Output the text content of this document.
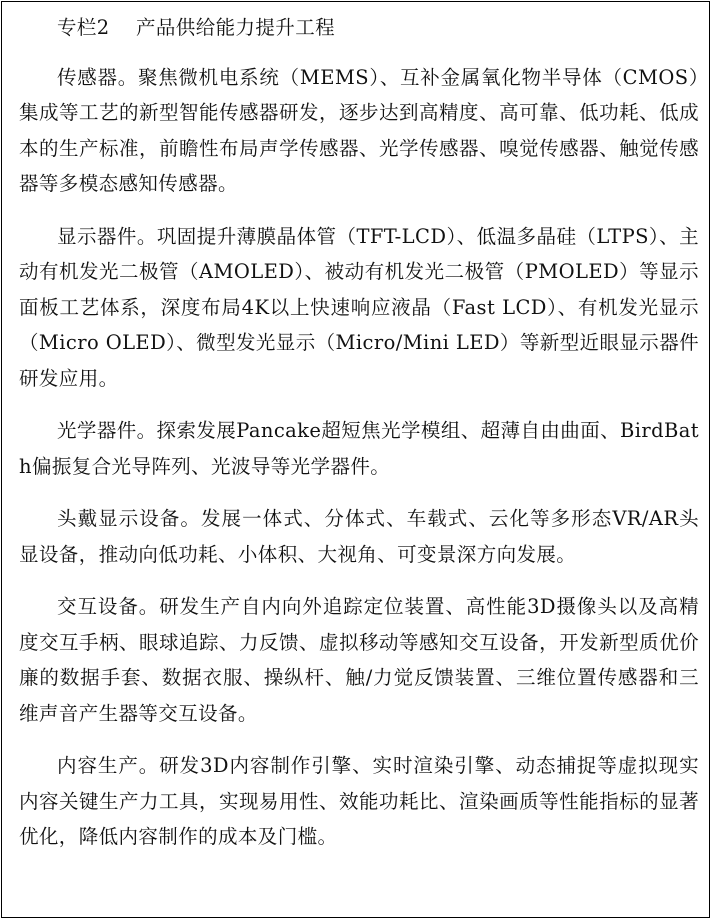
专栏2    产品供给能力提升工程

传感器。聚焦微机电系统（MEMS）、互补金属氧化物半导体（CMOS）集成等工艺的新型智能传感器研发，逐步达到高精度、高可靠、低功耗、低成本的生产标准，前瞻性布局声学传感器、光学传感器、嗅觉传感器、触觉传感器等多模态感知传感器。

显示器件。巩固提升薄膜晶体管（TFT-LCD）、低温多晶硅（LTPS）、主动有机发光二极管（AMOLED）、被动有机发光二极管（PMOLED）等显示面板工艺体系，深度布局4K以上快速响应液晶（Fast LCD）、有机发光显示（Micro OLED）、微型发光显示（Micro/Mini LED）等新型近眼显示器件研发应用。

光学器件。探索发展Pancake超短焦光学模组、超薄自由曲面、BirdBath偏振复合光导阵列、光波导等光学器件。

头戴显示设备。发展一体式、分体式、车载式、云化等多形态VR/AR头显设备，推动向低功耗、小体积、大视角、可变景深方向发展。

交互设备。研发生产自内向外追踪定位装置、高性能3D摄像头以及高精度交互手柄、眼球追踪、力反馈、虚拟移动等感知交互设备，开发新型质优价廉的数据手套、数据衣服、操纵杆、触/力觉反馈装置、三维位置传感器和三维声音产生器等交互设备。

内容生产。研发3D内容制作引擎、实时渲染引擎、动态捕捉等虚拟现实内容关键生产力工具，实现易用性、效能功耗比、渲染画质等性能指标的显著优化，降低内容制作的成本及门槛。
